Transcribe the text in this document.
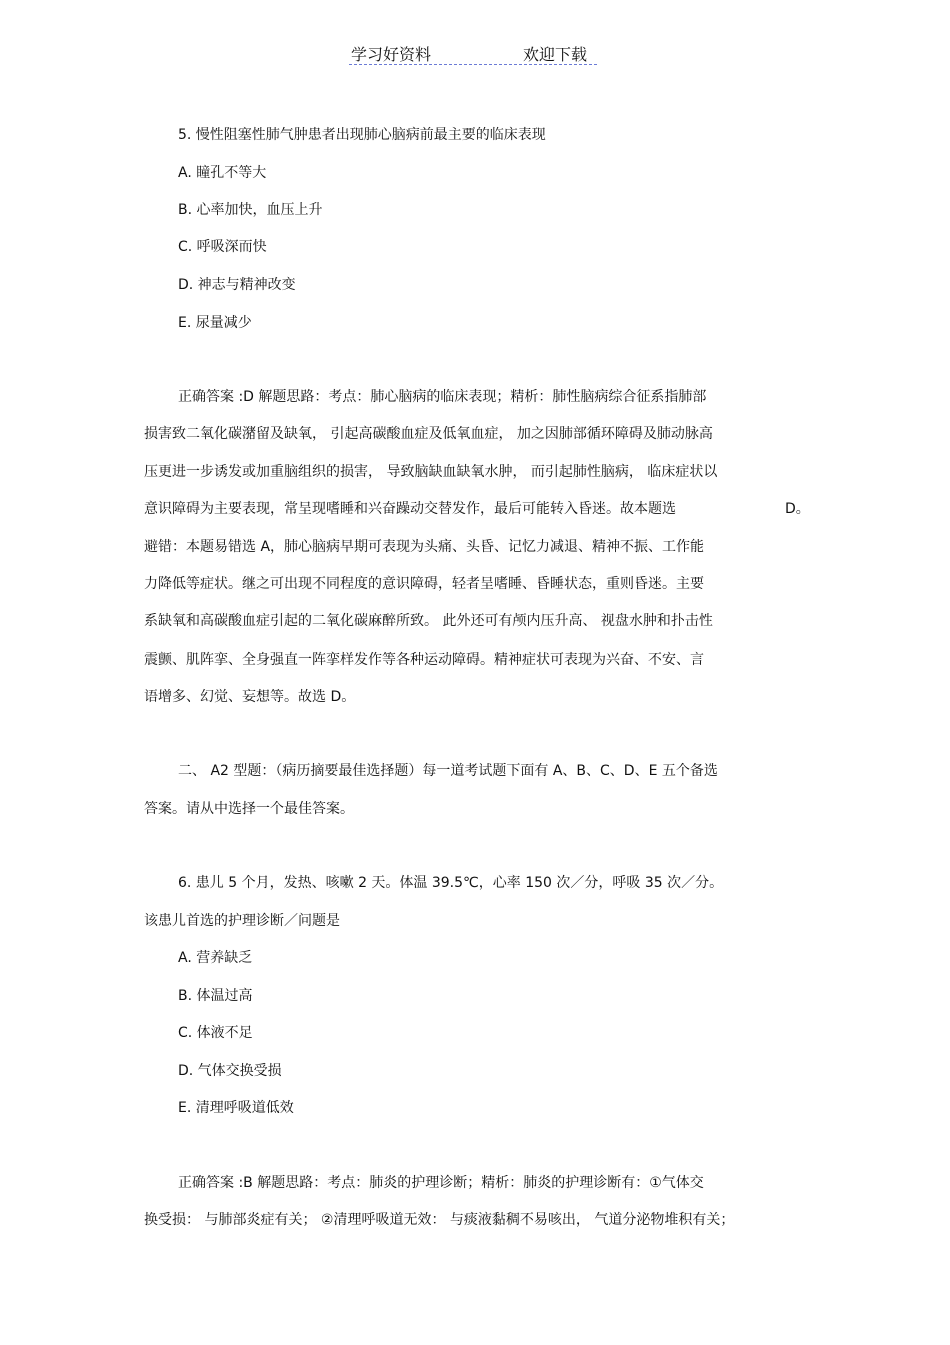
学习好资料	欢迎下载
5. 慢性阻塞性肺气肿患者出现肺心脑病前最主要的临床表现
A. 瞳孔不等大
B. 心率加快，血压上升
C. 呼吸深而快
D. 神志与精神改变
E. 尿量减少
正确答案 :D 解题思路：考点：肺心脑病的临床表现；精析：肺性脑病综合征系指肺部
损害致二氧化碳潴留及缺氧， 引起高碳酸血症及低氧血症， 加之因肺部循环障碍及肺动脉高
压更进一步诱发或加重脑组织的损害， 导致脑缺血缺氧水肿， 而引起肺性脑病， 临床症状以
意识障碍为主要表现，常呈现嗜睡和兴奋躁动交替发作，最后可能转入昏迷。故本题选	D。
避错：本题易错选 A，肺心脑病早期可表现为头痛、头昏、记忆力减退、精神不振、工作能
力降低等症状。继之可出现不同程度的意识障碍，轻者呈嗜睡、昏睡状态，重则昏迷。主要
系缺氧和高碳酸血症引起的二氧化碳麻醉所致。 此外还可有颅内压升高、 视盘水肿和扑击性
震颤、肌阵挛、全身强直一阵挛样发作等各种运动障碍。精神症状可表现为兴奋、不安、言
语增多、幻觉、妄想等。故选 D。
二、 A2 型题：（病历摘要最佳选择题）每一道考试题下面有 A、B、C、D、E 五个备选
答案。请从中选择一个最佳答案。
6. 患儿 5 个月，发热、咳嗽 2 天。体温 39.5℃，心率 150 次／分，呼吸 35 次／分。
该患儿首选的护理诊断／问题是
A. 营养缺乏
B. 体温过高
C. 体液不足
D. 气体交换受损
E. 清理呼吸道低效
正确答案 :B 解题思路：考点：肺炎的护理诊断；精析：肺炎的护理诊断有：①气体交
换受损： 与肺部炎症有关； ②清理呼吸道无效： 与痰液黏稠不易咳出， 气道分泌物堆积有关；
